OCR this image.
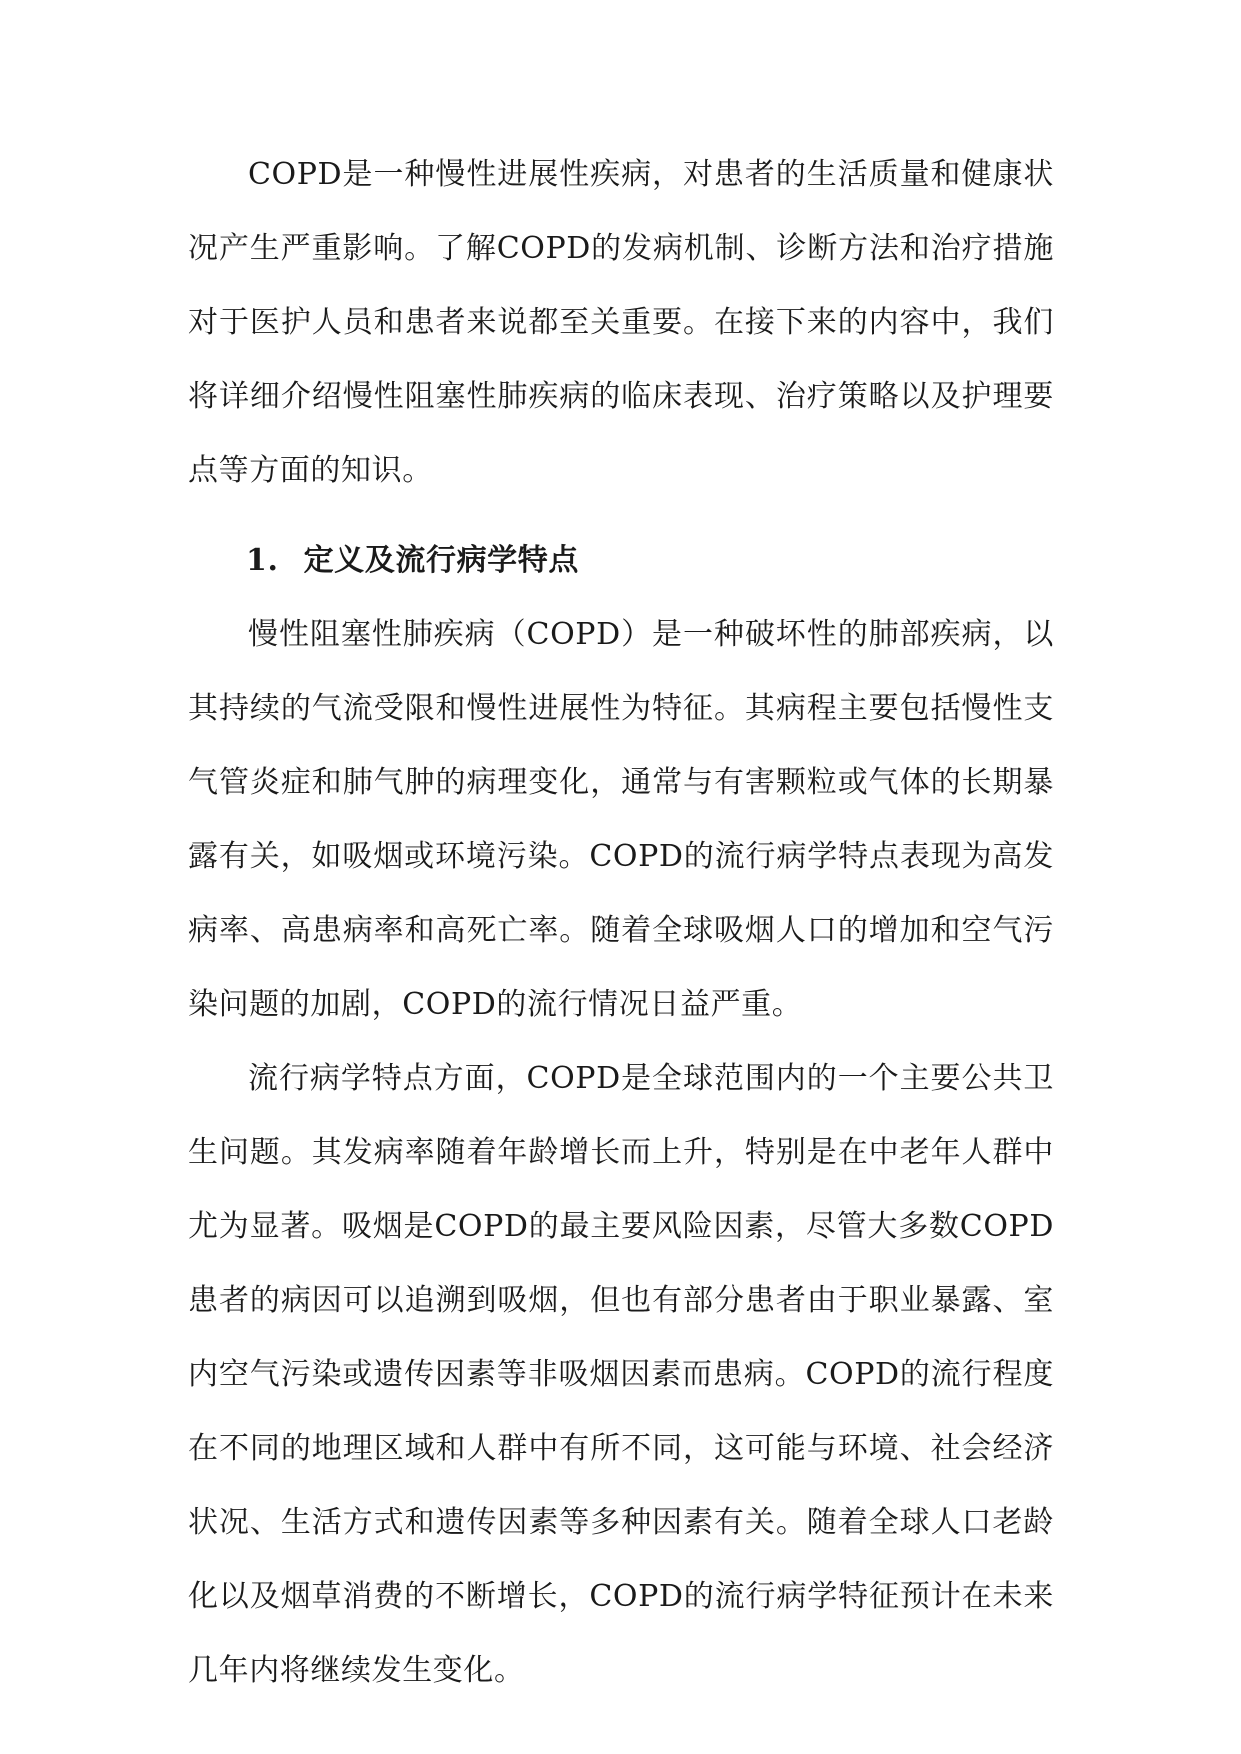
COPD是一种慢性进展性疾病，对患者的生活质量和健康状况产生严重影响。了解COPD的发病机制、诊断方法和治疗措施对于医护人员和患者来说都至关重要。在接下来的内容中，我们将详细介绍慢性阻塞性肺疾病的临床表现、治疗策略以及护理要点等方面的知识。

1. 定义及流行病学特点

慢性阻塞性肺疾病（COPD）是一种破坏性的肺部疾病，以其持续的气流受限和慢性进展性为特征。其病程主要包括慢性支气管炎症和肺气肿的病理变化，通常与有害颗粒或气体的长期暴露有关，如吸烟或环境污染。COPD的流行病学特点表现为高发病率、高患病率和高死亡率。随着全球吸烟人口的增加和空气污染问题的加剧，COPD的流行情况日益严重。

流行病学特点方面，COPD是全球范围内的一个主要公共卫生问题。其发病率随着年龄增长而上升，特别是在中老年人群中尤为显著。吸烟是COPD的最主要风险因素，尽管大多数COPD患者的病因可以追溯到吸烟，但也有部分患者由于职业暴露、室内空气污染或遗传因素等非吸烟因素而患病。COPD的流行程度在不同的地理区域和人群中有所不同，这可能与环境、社会经济状况、生活方式和遗传因素等多种因素有关。随着全球人口老龄化以及烟草消费的不断增长，COPD的流行病学特征预计在未来几年内将继续发生变化。
